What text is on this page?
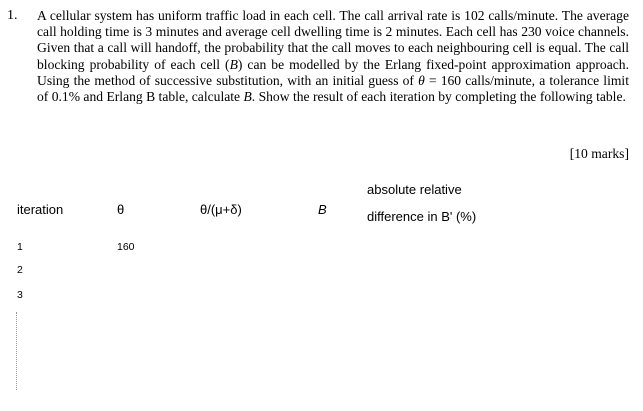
1. A cellular system has uniform traffic load in each cell. The call arrival rate is 102 calls/minute. The average call holding time is 3 minutes and average cell dwelling time is 2 minutes. Each cell has 230 voice channels. Given that a call will handoff, the probability that the call moves to each neighbouring cell is equal. The call blocking probability of each cell (B) can be modelled by the Erlang fixed-point approximation approach. Using the method of successive substitution, with an initial guess of θ = 160 calls/minute, a tolerance limit of 0.1% and Erlang B table, calculate B. Show the result of each iteration by completing the following table.

[10 marks]
iteration	θ	θ/(μ+δ)	B
absolute relative
difference in B' (%)
1	160
2
3
